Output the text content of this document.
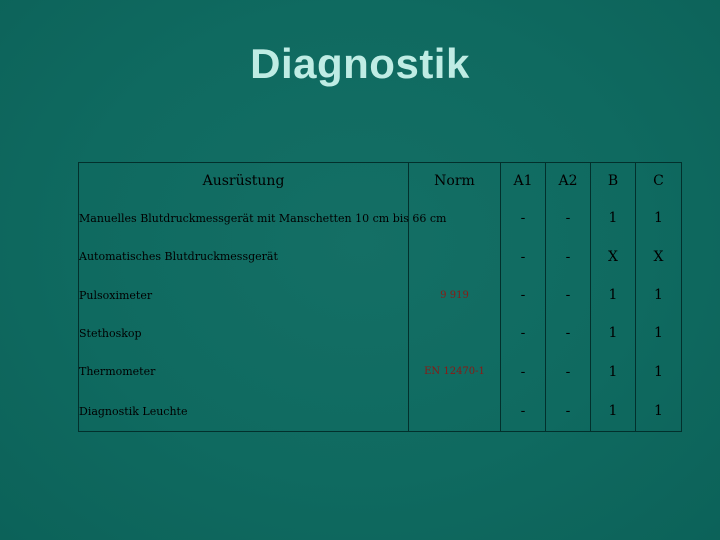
Diagnostik
Ausrüstung	Norm	A1	A2	B	C
Manuelles Blutdruckmessgerät mit Manschetten 10 cm bis 66 cm		-	-	1	1
Automatisches Blutdruckmessgerät		-	-	X	X
Pulsoximeter	9 919	-	-	1	1
Stethoskop		-	-	1	1
Thermometer	EN 12470-1	-	-	1	1
Diagnostik Leuchte		-	-	1	1
